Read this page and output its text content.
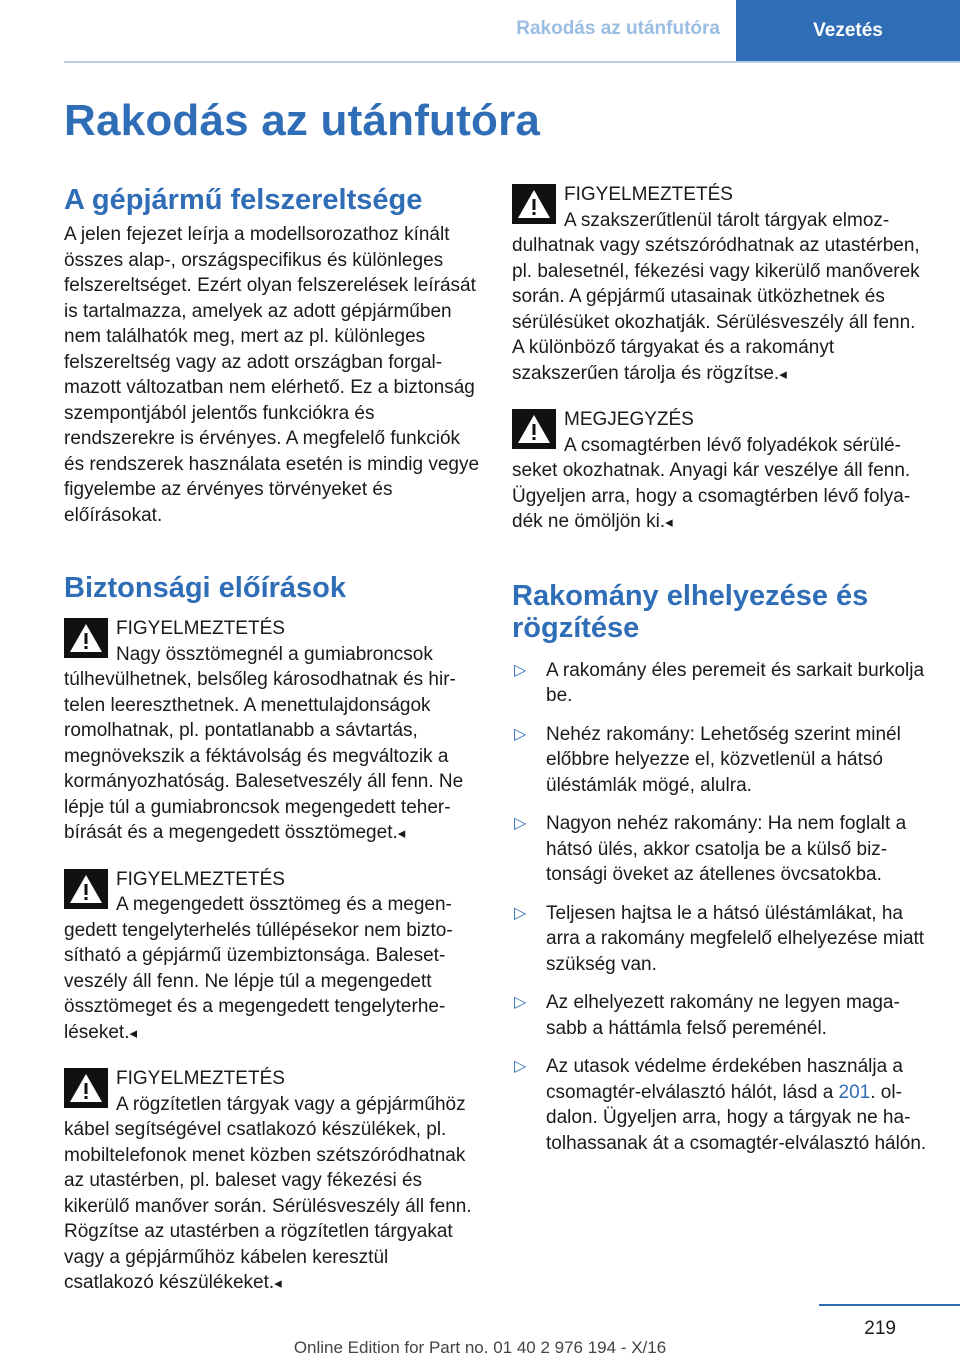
Rakodás az utánfutóra	Vezetés
Rakodás az utánfutóra
A gépjármű felszereltsége

A jelen fejezet leírja a modellsorozathoz kínált összes alap-, országspecifikus és különleges felszereltséget. Ezért olyan felszerelések leírását is tartalmazza, amelyek az adott gépjárműben nem találhatók meg, mert az pl. különleges felszereltség vagy az adott országban forgalmazott változatban nem elérhető. Ez a biztonság szempontjából jelentős funkciókra és rendszerekre is érvényes. A megfelelő funkciók és rendszerek használata esetén is mindig vegye figyelembe az érvényes törvényeket és előírásokat.

Biztonsági előírások
FIGYELMEZTETÉS
Nagy össztömegnél a gumiabroncsok túlhevülhetnek, belsőleg károsodhatnak és hirtelen leereszthetnek. A menettulajdonságok romolhatnak, pl. pontatlanabb a sávtartás, megnövekszik a féktávolság és megváltozik a kormányozhatóság. Balesetveszély áll fenn. Ne lépje túl a gumiabroncsok megengedett teherbírását és a megengedett össztömeget.◂
FIGYELMEZTETÉS
A megengedett össztömeg és a megengedett tengelyterhelés túllépésekor nem biztosítható a gépjármű üzembiztonsága. Balesetveszély áll fenn. Ne lépje túl a megengedett össztömeget és a megengedett tengelyterheléseket.◂
FIGYELMEZTETÉS
A rögzítetlen tárgyak vagy a gépjárműhöz kábel segítségével csatlakozó készülékek, pl. mobiltelefonok menet közben szétszóródhatnak az utastérben, pl. baleset vagy fékezési és kikerülő manőver során. Sérülésveszély áll fenn. Rögzítse az utastérben a rögzítetlen tárgyakat vagy a gépjárműhöz kábelen keresztül csatlakozó készülékeket.◂
FIGYELMEZTETÉS
A szakszerűtlenül tárolt tárgyak elmozdulhatnak vagy szétszóródhatnak az utastérben, pl. balesetnél, fékezési vagy kikerülő manőverek során. A gépjármű utasainak ütközhetnek és sérülésüket okozhatják. Sérülésveszély áll fenn. A különböző tárgyakat és a rakományt szakszerűen tárolja és rögzítse.◂
MEGJEGYZÉS
A csomagtérben lévő folyadékok sérüléseket okozhatnak. Anyagi kár veszélye áll fenn. Ügyeljen arra, hogy a csomagtérben lévő folyadék ne ömöljön ki.◂
Rakomány elhelyezése és rögzítése
▷ A rakomány éles peremeit és sarkait burkolja be.
▷ Nehéz rakomány: Lehetőség szerint minél előbbre helyezze el, közvetlenül a hátsó üléstámlák mögé, alulra.
▷ Nagyon nehéz rakomány: Ha nem foglalt a hátsó ülés, akkor csatolja be a külső biztonsági öveket az átellenes övcsatokba.
▷ Teljesen hajtsa le a hátsó üléstámlákat, ha arra a rakomány megfelelő elhelyezése miatt szükség van.
▷ Az elhelyezett rakomány ne legyen magasabb a háttámla felső pereménél.
▷ Az utasok védelme érdekében használja a csomagtér-elválasztó hálót, lásd a 201. oldalon. Ügyeljen arra, hogy a tárgyak ne hatolhassanak át a csomagtér-elválasztó hálón.
219
Online Edition for Part no. 01 40 2 976 194 - X/16
